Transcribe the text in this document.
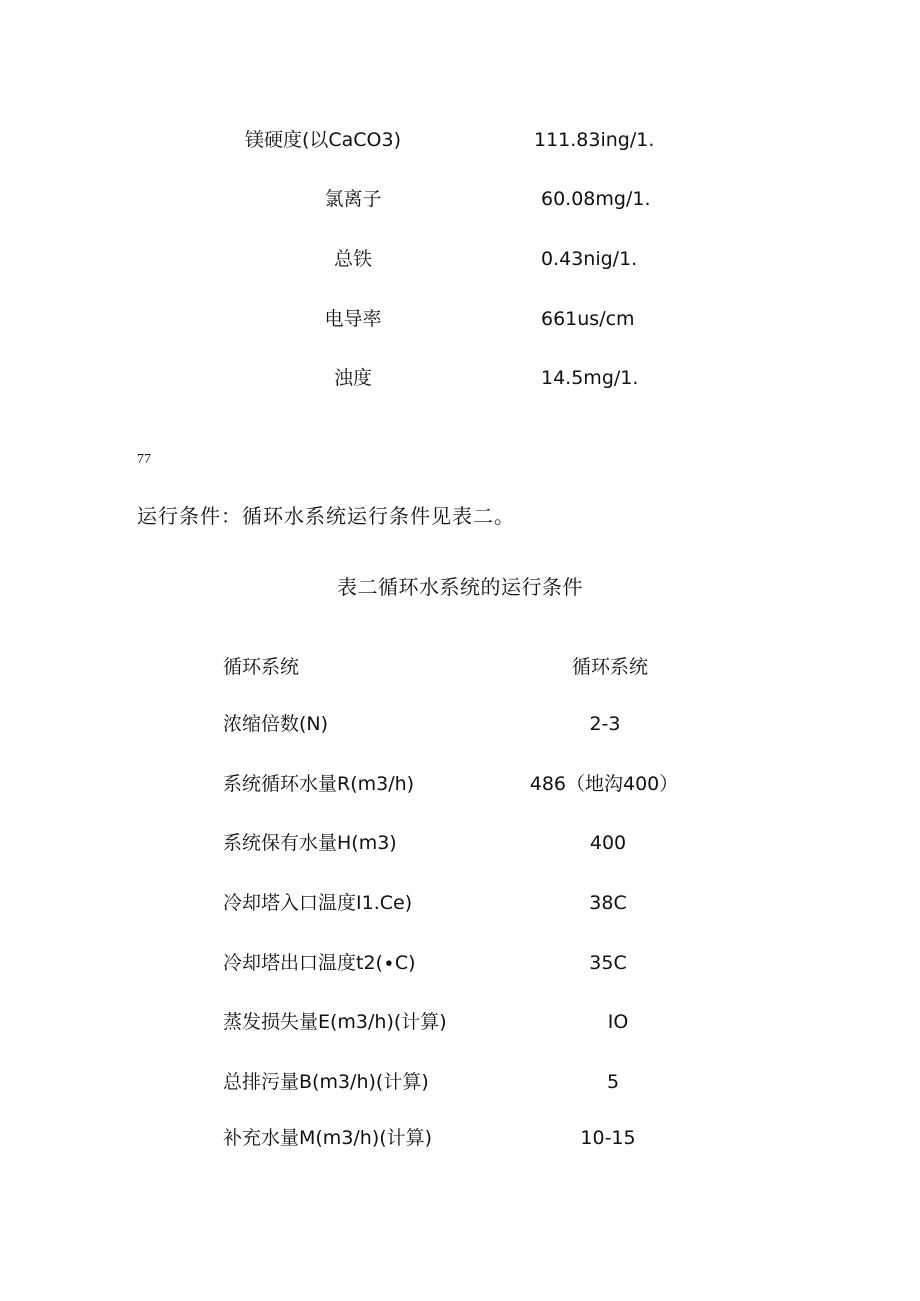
镁硬度(以CaCO3)	111.83ing∕1.
氯离子	60.08mg∕1.
总铁	0.43nig∕1.
电导率	661us∕cm
浊度	14.5mg/1.
77
运行条件：循环水系统运行条件见表二。
表二循环水系统的运行条件
循环系统	循环系统
浓缩倍数(N)	2-3
系统循环水量R(m3∕h)	486（地沟400）
系统保有水量H(m3)	400
冷却塔入口温度I1.Ce)	38C
冷却塔出口温度t2(∙C)	35C
蒸发损失量E(m3∕h)(计算)	IO
总排污量B(m3∕h)(计算)	5
补充水量M(m3∕h)(计算)	10-15
